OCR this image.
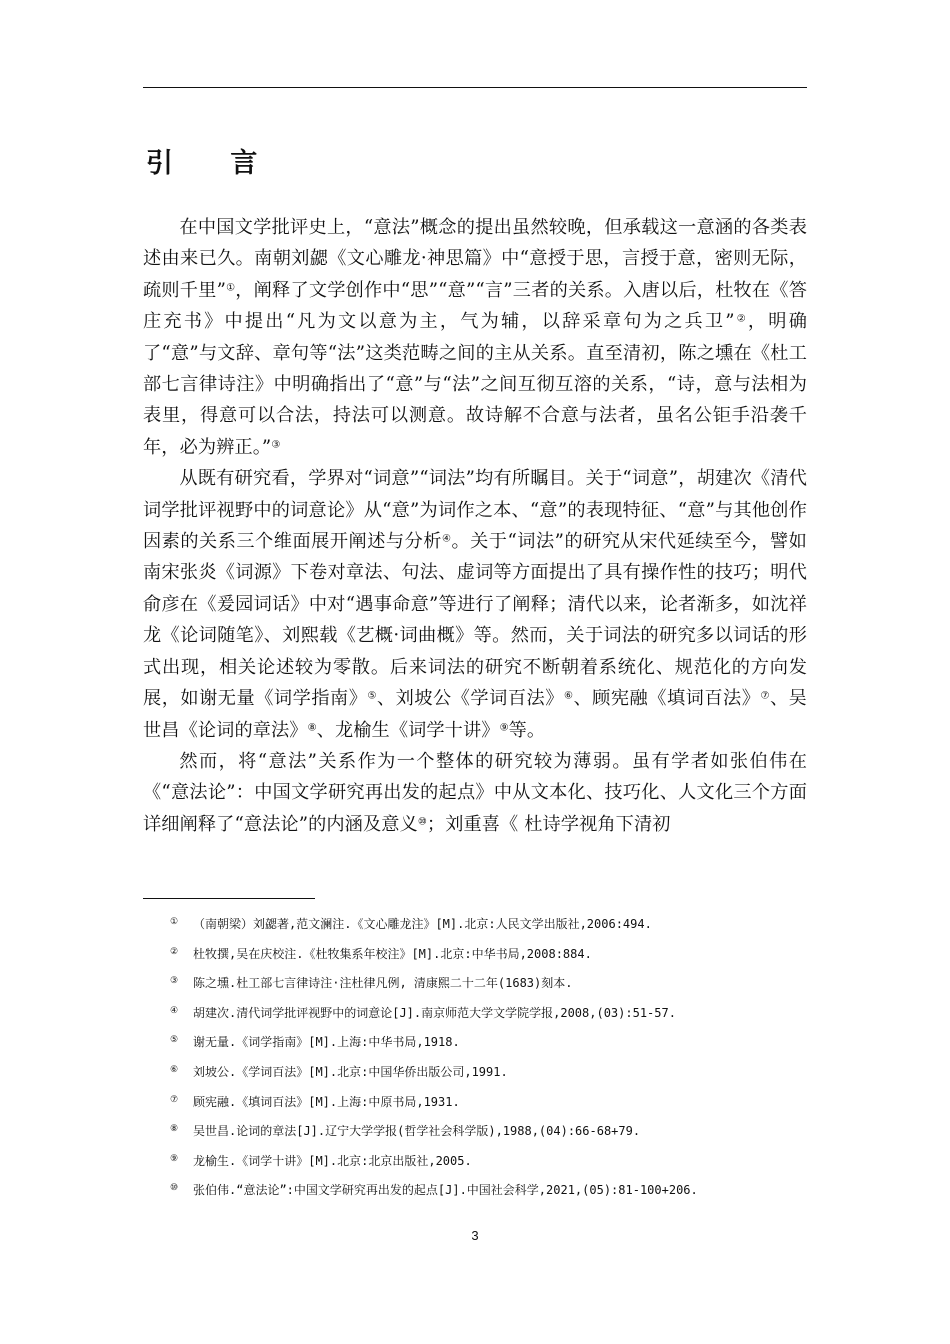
引 言

在中国文学批评史上，“意法”概念的提出虽然较晚，但承载这一意涵的各类表述由来已久。南朝刘勰《文心雕龙·神思篇》中“意授于思，言授于意，密则无际，疏则千里”①，阐释了文学创作中“思”“意”“言”三者的关系。入唐以后，杜牧在《答庄充书》中提出“凡为文以意为主，气为辅，以辞采章句为之兵卫”②，明确了“意”与文辞、章句等“法”这类范畴之间的主从关系。直至清初，陈之壎在《杜工部七言律诗注》中明确指出了“意”与“法”之间互彻互溶的关系，“诗，意与法相为表里，得意可以合法，持法可以测意。故诗解不合意与法者，虽名公钜手沿袭千年，必为辨正。”③

从既有研究看，学界对“词意”“词法”均有所瞩目。关于“词意”，胡建次《清代词学批评视野中的词意论》从“意”为词作之本、“意”的表现特征、“意”与其他创作因素的关系三个维面展开阐述与分析④。关于“词法”的研究从宋代延续至今，譬如南宋张炎《词源》下卷对章法、句法、虚词等方面提出了具有操作性的技巧；明代俞彦在《爰园词话》中对“遇事命意”等进行了阐释；清代以来，论者渐多，如沈祥龙《论词随笔》、刘熙载《艺概·词曲概》等。然而，关于词法的研究多以词话的形式出现，相关论述较为零散。后来词法的研究不断朝着系统化、规范化的方向发展，如谢无量《词学指南》⑤、刘坡公《学词百法》⑥、顾宪融《填词百法》⑦、吴世昌《论词的章法》⑧、龙榆生《词学十讲》⑨等。

然而，将“意法”关系作为一个整体的研究较为薄弱。虽有学者如张伯伟在《“意法论”：中国文学研究再出发的起点》中从文本化、技巧化、人文化三个方面详细阐释了“意法论”的内涵及意义⑩；刘重喜《 杜诗学视角下清初

①	（南朝梁）刘勰著,范文澜注.《文心雕龙注》[M].北京:人民文学出版社,2006:494.
②	杜牧撰,吴在庆校注.《杜牧集系年校注》[M].北京:中华书局,2008:884.
③	陈之壎.杜工部七言律诗注·注杜律凡例, 清康熙二十二年(1683)刻本.
④	胡建次.清代词学批评视野中的词意论[J].南京师范大学文学院学报,2008,(03):51-57.
⑤	谢无量.《词学指南》[M].上海:中华书局,1918.
⑥	刘坡公.《学词百法》[M].北京:中国华侨出版公司,1991.
⑦	顾宪融.《填词百法》[M].上海:中原书局,1931.
⑧	吴世昌.论词的章法[J].辽宁大学学报(哲学社会科学版),1988,(04):66-68+79.
⑨	龙榆生.《词学十讲》[M].北京:北京出版社,2005.
⑩	张伯伟.“意法论”:中国文学研究再出发的起点[J].中国社会科学,2021,(05):81-100+206.
3
